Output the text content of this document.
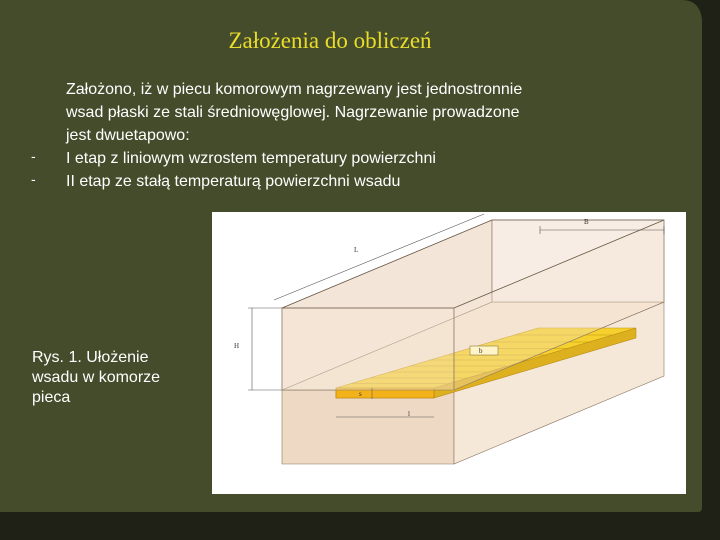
Założenia do obliczeń

Założono, iż w piecu komorowym nagrzewany jest jednostronnie

wsad płaski ze stali średniowęglowej. Nagrzewanie prowadzone

jest dwuetapowo:

I etap z liniowym wzrostem temperatury powierzchni

II etap ze stałą temperaturą powierzchni wsadu

-
-
Rys. 1. Ułożenie
wsadu w komorze
pieca
B
L
H
b
l
s
